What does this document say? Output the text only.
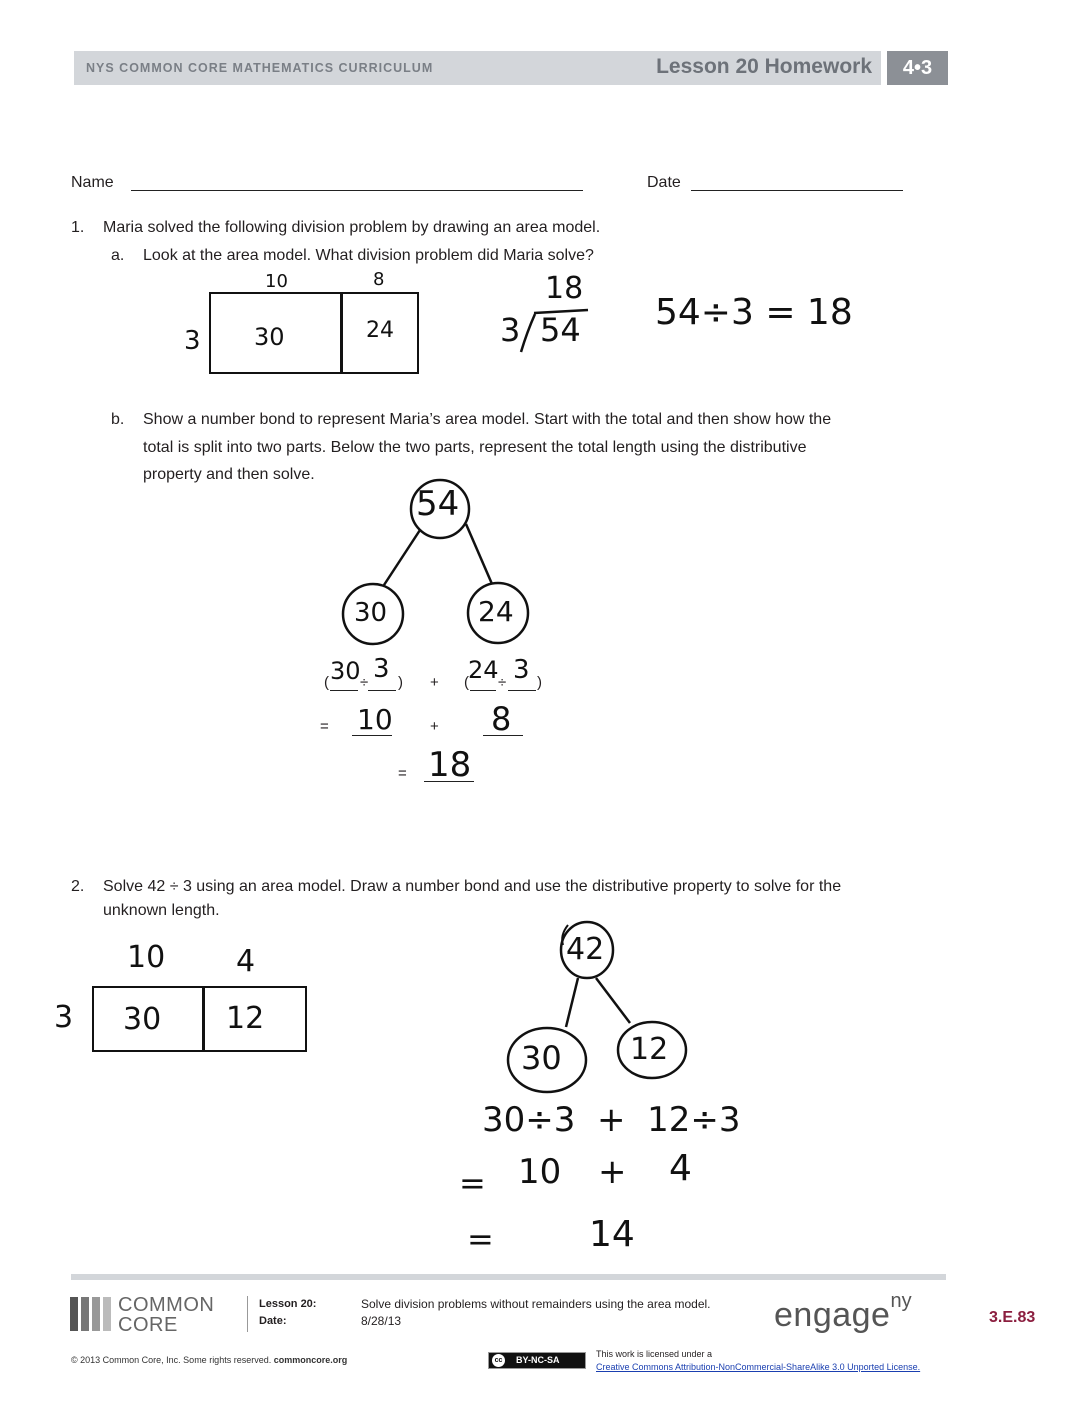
NYS COMMON CORE MATHEMATICS CURRICULUM	Lesson 20 Homework	4•3
Name	Date
1. Maria solved the following division problem by drawing an area model.
a. Look at the area model. What division problem did Maria solve?
10	8
3 30	24
18
3 54 54÷3 = 18
b. Show a number bond to represent Maria’s area model. Start with the total and then show how the
total is split into two parts. Below the two parts, represent the total length using the distributive
property and then solve.
54
30	24
( 30 ÷ 3 ) + ( 24 ÷ 3 )
= 10 + 8
= 18
2. Solve 42 ÷ 3 using an area model. Draw a number bond and use the distributive property to solve for the
unknown length.
10 4
3 30 12
42
30 12
30÷3  +  12÷3
= 10 + 4
=	14
COMMON
CORE
Lesson 20:
Date:
Solve division problems without remainders using the area model.
8/28/13	engageny
3.E.83
© 2013 Common Core, Inc. Some rights reserved. commoncore.org	cc BY-NC-SA
This work is licensed under a
Creative Commons Attribution-NonCommercial-ShareAlike 3.0 Unported License.
